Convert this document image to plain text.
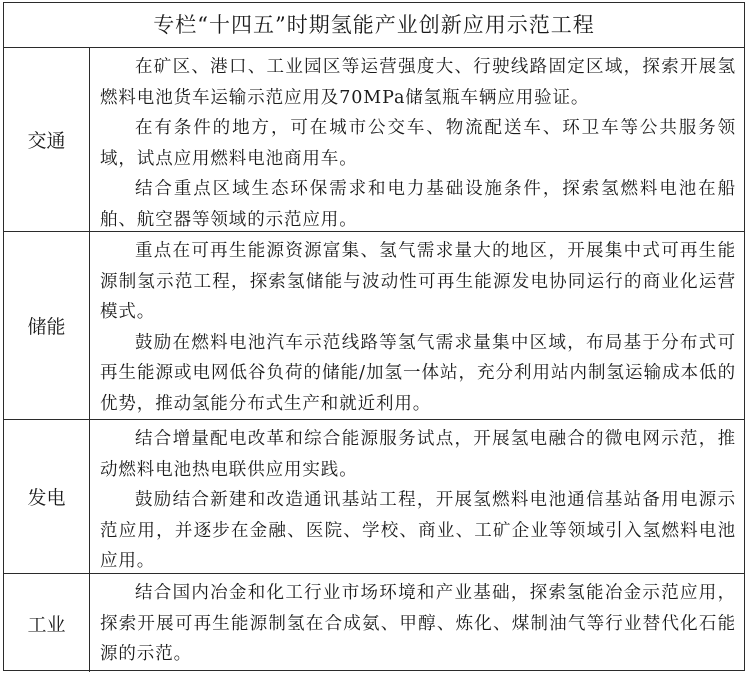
专栏“十四五”时期氢能产业创新应用示范工程
交通

在矿区、港口、工业园区等运营强度大、行驶线路固定区域，探索开展氢燃料电池货车运输示范应用及70MPa储氢瓶车辆应用验证。

在有条件的地方，可在城市公交车、物流配送车、环卫车等公共服务领域，试点应用燃料电池商用车。

结合重点区域生态环保需求和电力基础设施条件，探索氢燃料电池在船舶、航空器等领域的示范应用。

储能

重点在可再生能源资源富集、氢气需求量大的地区，开展集中式可再生能源制氢示范工程，探索氢储能与波动性可再生能源发电协同运行的商业化运营模式。

鼓励在燃料电池汽车示范线路等氢气需求量集中区域，布局基于分布式可再生能源或电网低谷负荷的储能/加氢一体站，充分利用站内制氢运输成本低的优势，推动氢能分布式生产和就近利用。

发电

结合增量配电改革和综合能源服务试点，开展氢电融合的微电网示范，推动燃料电池热电联供应用实践。

鼓励结合新建和改造通讯基站工程，开展氢燃料电池通信基站备用电源示范应用，并逐步在金融、医院、学校、商业、工矿企业等领域引入氢燃料电池应用。

工业

结合国内冶金和化工行业市场环境和产业基础，探索氢能冶金示范应用，探索开展可再生能源制氢在合成氨、甲醇、炼化、煤制油气等行业替代化石能源的示范。
